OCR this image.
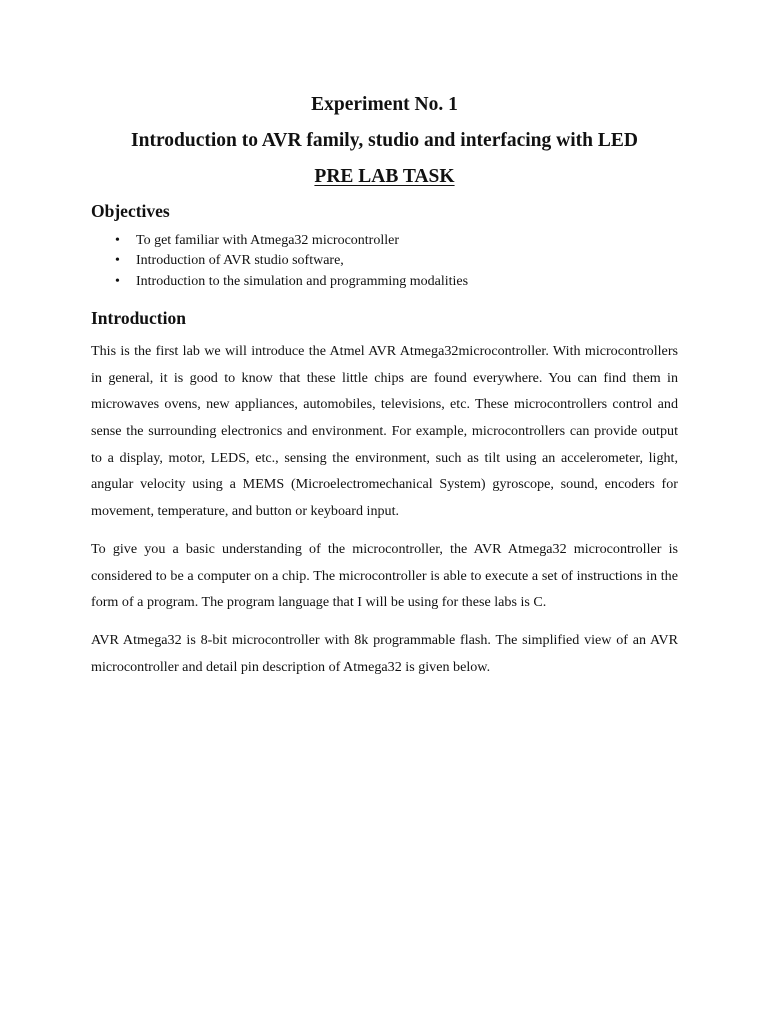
Experiment No. 1
Introduction to AVR family, studio and interfacing with LED
PRE LAB TASK
Objectives
• To get familiar with Atmega32 microcontroller
• Introduction of AVR studio software,
• Introduction to the simulation and programming modalities
Introduction

This is the first lab we will introduce the Atmel AVR Atmega32microcontroller. With microcontrollers in general, it is good to know that these little chips are found everywhere. You can find them in microwaves ovens, new appliances, automobiles, televisions, etc. These microcontrollers control and sense the surrounding electronics and environment. For example, microcontrollers can provide output to a display, motor, LEDS, etc., sensing the environment, such as tilt using an accelerometer, light, angular velocity using a MEMS (Microelectromechanical System) gyroscope, sound, encoders for movement, temperature, and button or keyboard input.

To give you a basic understanding of the microcontroller, the AVR Atmega32 microcontroller is considered to be a computer on a chip. The microcontroller is able to execute a set of instructions in the form of a program. The program language that I will be using for these labs is C.

AVR Atmega32 is 8-bit microcontroller with 8k programmable flash. The simplified view of an AVR microcontroller and detail pin description of Atmega32 is given below.
